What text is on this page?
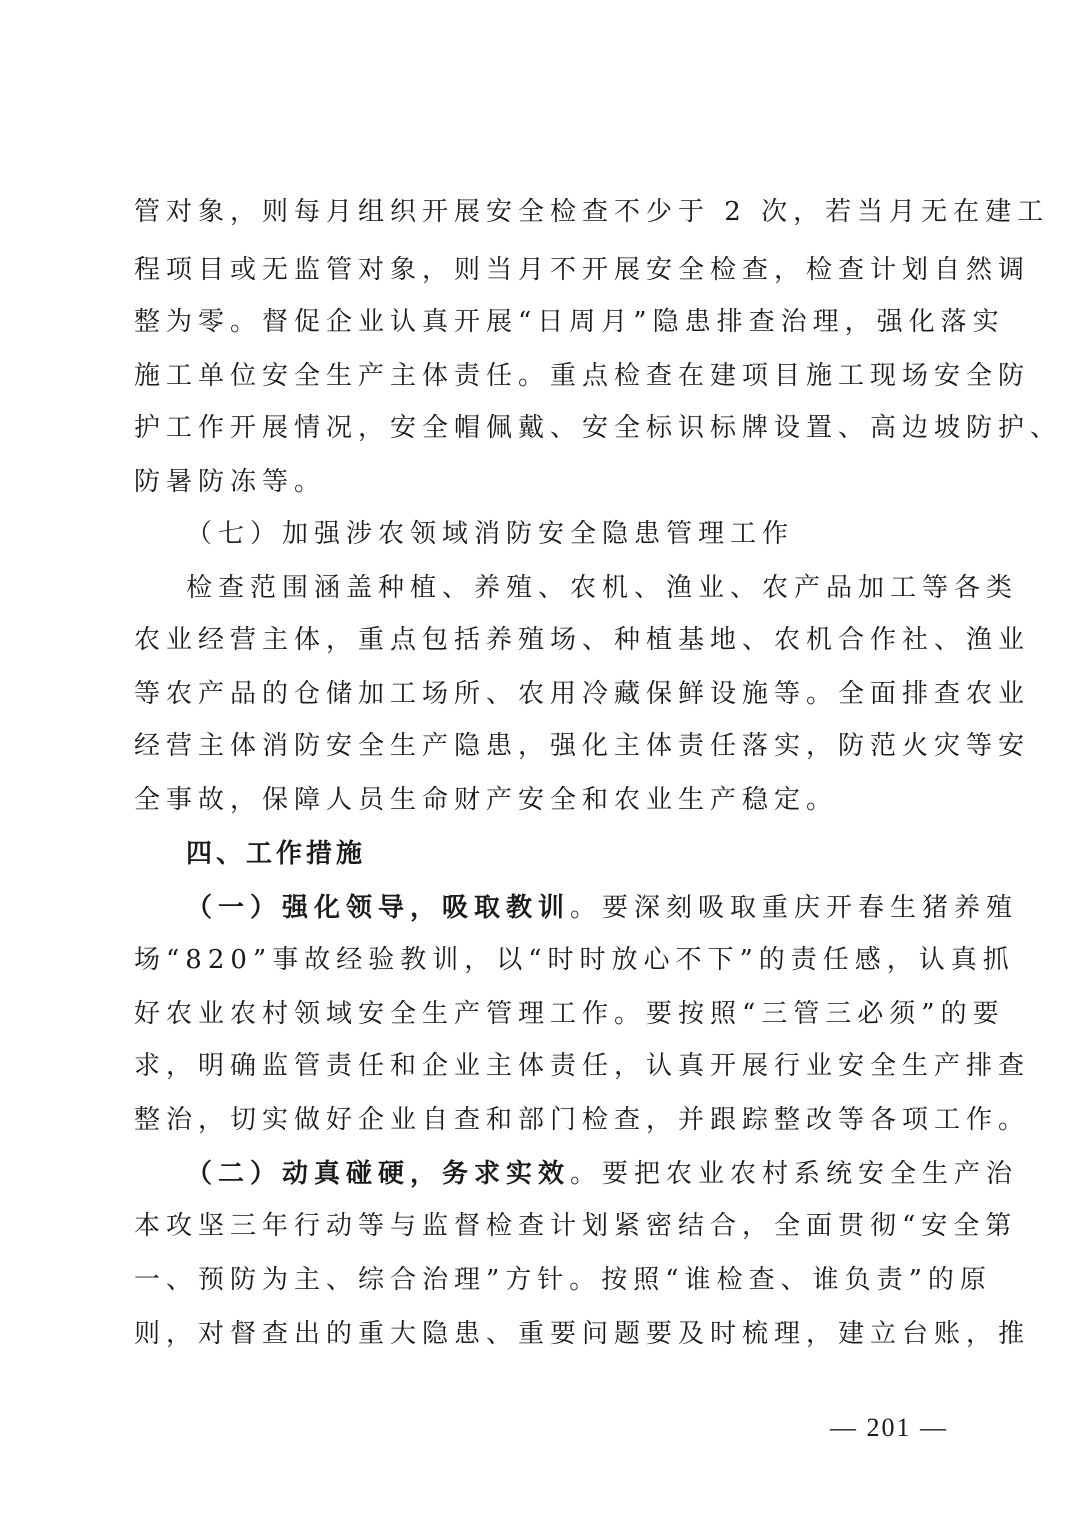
管对象，则每月组织开展安全检查不少于 2 次，若当月无在建工
程项目或无监管对象，则当月不开展安全检查，检查计划自然调
整为零。督促企业认真开展“日周月”隐患排查治理，强化落实
施工单位安全生产主体责任。重点检查在建项目施工现场安全防
护工作开展情况，安全帽佩戴、安全标识标牌设置、高边坡防护、
防暑防冻等。
（七）加强涉农领域消防安全隐患管理工作
检查范围涵盖种植、养殖、农机、渔业、农产品加工等各类
农业经营主体，重点包括养殖场、种植基地、农机合作社、渔业
等农产品的仓储加工场所、农用冷藏保鲜设施等。全面排查农业
经营主体消防安全生产隐患，强化主体责任落实，防范火灾等安
全事故，保障人员生命财产安全和农业生产稳定。
四、工作措施
（一）强化领导，吸取教训。要深刻吸取重庆开春生猪养殖
场“820”事故经验教训，以“时时放心不下”的责任感，认真抓
好农业农村领域安全生产管理工作。要按照“三管三必须”的要
求，明确监管责任和企业主体责任，认真开展行业安全生产排查
整治，切实做好企业自查和部门检查，并跟踪整改等各项工作。
（二）动真碰硬，务求实效。要把农业农村系统安全生产治
本攻坚三年行动等与监督检查计划紧密结合，全面贯彻“安全第
一、预防为主、综合治理”方针。按照“谁检查、谁负责”的原
则，对督查出的重大隐患、重要问题要及时梳理，建立台账，推
— 201 —
